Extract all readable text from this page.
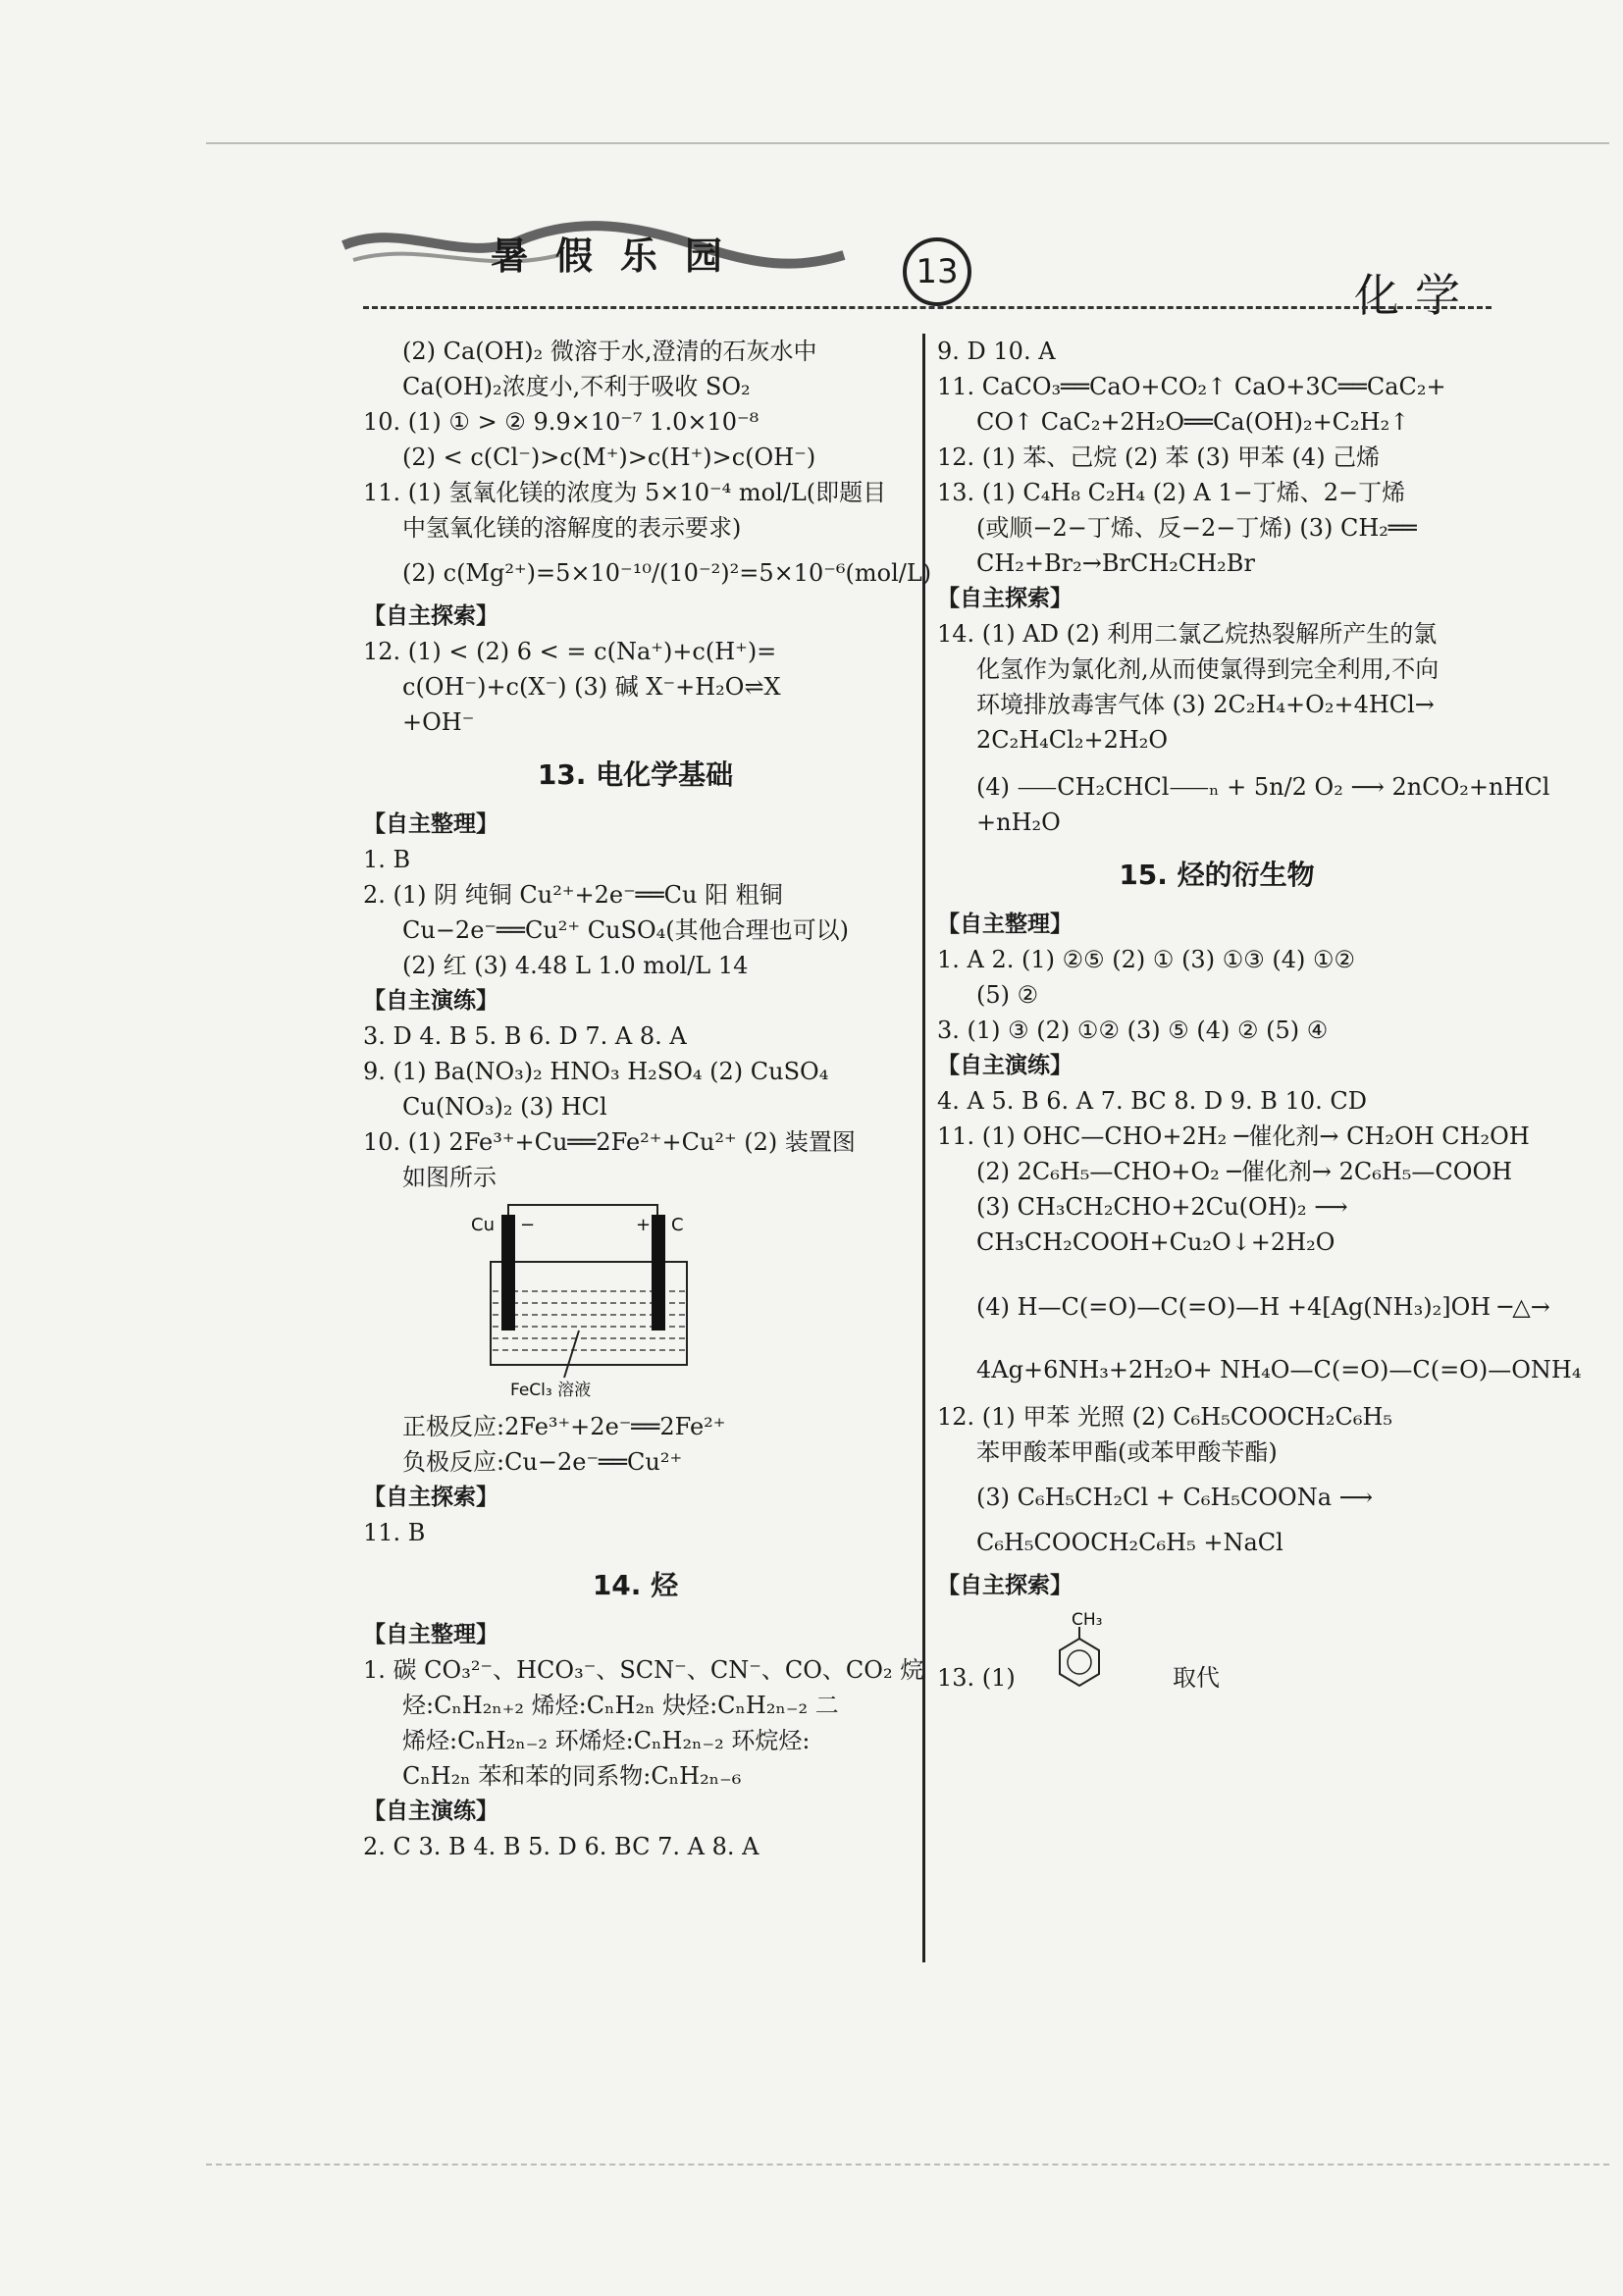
暑假乐园	13	化学
(2) Ca(OH)₂ 微溶于水,澄清的石灰水中
Ca(OH)₂浓度小,不利于吸收 SO₂
10. (1) ① > ② 9.9×10⁻⁷ 1.0×10⁻⁸
(2) < c(Cl⁻)>c(M⁺)>c(H⁺)>c(OH⁻)
11. (1) 氢氧化镁的浓度为 5×10⁻⁴ mol/L(即题目
中氢氧化镁的溶解度的表示要求)
(2) c(Mg²⁺)=5×10⁻¹⁰/(10⁻²)²=5×10⁻⁶(mol/L)
【自主探索】
12. (1) < (2) 6 < = c(Na⁺)+c(H⁺)=
c(OH⁻)+c(X⁻) (3) 碱 X⁻+H₂O⇌X
+OH⁻
13. 电化学基础
【自主整理】
1. B
2. (1) 阴 纯铜 Cu²⁺+2e⁻══Cu 阳 粗铜
Cu−2e⁻══Cu²⁺ CuSO₄(其他合理也可以)
(2) 红 (3) 4.48 L 1.0 mol/L 14
【自主演练】
3. D 4. B 5. B 6. D 7. A 8. A
9. (1) Ba(NO₃)₂ HNO₃ H₂SO₄ (2) CuSO₄
Cu(NO₃)₂ (3) HCl
10. (1) 2Fe³⁺+Cu══2Fe²⁺+Cu²⁺ (2) 装置图
如图所示
Cu −	+ C
FeCl₃ 溶液
正极反应:2Fe³⁺+2e⁻══2Fe²⁺
负极反应:Cu−2e⁻══Cu²⁺
【自主探索】
11. B
14. 烃
【自主整理】
1. 碳 CO₃²⁻、HCO₃⁻、SCN⁻、CN⁻、CO、CO₂ 烷
烃:CₙH₂ₙ₊₂ 烯烃:CₙH₂ₙ 炔烃:CₙH₂ₙ₋₂ 二
烯烃:CₙH₂ₙ₋₂ 环烯烃:CₙH₂ₙ₋₂ 环烷烃:
CₙH₂ₙ 苯和苯的同系物:CₙH₂ₙ₋₆
【自主演练】
2. C 3. B 4. B 5. D 6. BC 7. A 8. A
9. D 10. A
11. CaCO₃══CaO+CO₂↑ CaO+3C══CaC₂+
CO↑ CaC₂+2H₂O══Ca(OH)₂+C₂H₂↑
12. (1) 苯、己烷 (2) 苯 (3) 甲苯 (4) 己烯
13. (1) C₄H₈ C₂H₄ (2) A 1−丁烯、2−丁烯
(或顺−2−丁烯、反−2−丁烯) (3) CH₂══
CH₂+Br₂→BrCH₂CH₂Br
【自主探索】
14. (1) AD (2) 利用二氯乙烷热裂解所产生的氯
化氢作为氯化剂,从而使氯得到完全利用,不向
环境排放毒害气体 (3) 2C₂H₄+O₂+4HCl→
2C₂H₄Cl₂+2H₂O
(4) ⸺CH₂CHCl⸺ₙ + 5n/2 O₂ ⟶ 2nCO₂+nHCl
+nH₂O
15. 烃的衍生物
【自主整理】
1. A 2. (1) ②⑤ (2) ① (3) ①③ (4) ①②
(5) ②
3. (1) ③ (2) ①② (3) ⑤ (4) ② (5) ④
【自主演练】
4. A 5. B 6. A 7. BC 8. D 9. B 10. CD
11. (1) OHC—CHO+2H₂ ─催化剂→ CH₂OH CH₂OH
(2) 2C₆H₅—CHO+O₂ ─催化剂→ 2C₆H₅—COOH
(3) CH₃CH₂CHO+2Cu(OH)₂ ⟶
CH₃CH₂COOH+Cu₂O↓+2H₂O
(4) H—C(=O)—C(=O)—H +4[Ag(NH₃)₂]OH ─△→
4Ag+6NH₃+2H₂O+ NH₄O—C(=O)—C(=O)—ONH₄
12. (1) 甲苯 光照 (2) C₆H₅COOCH₂C₆H₅
苯甲酸苯甲酯(或苯甲酸苄酯)
(3) C₆H₅CH₂Cl + C₆H₅COONa ⟶
C₆H₅COOCH₂C₆H₅ +NaCl
【自主探索】
13. (1)
CH₃
取代
